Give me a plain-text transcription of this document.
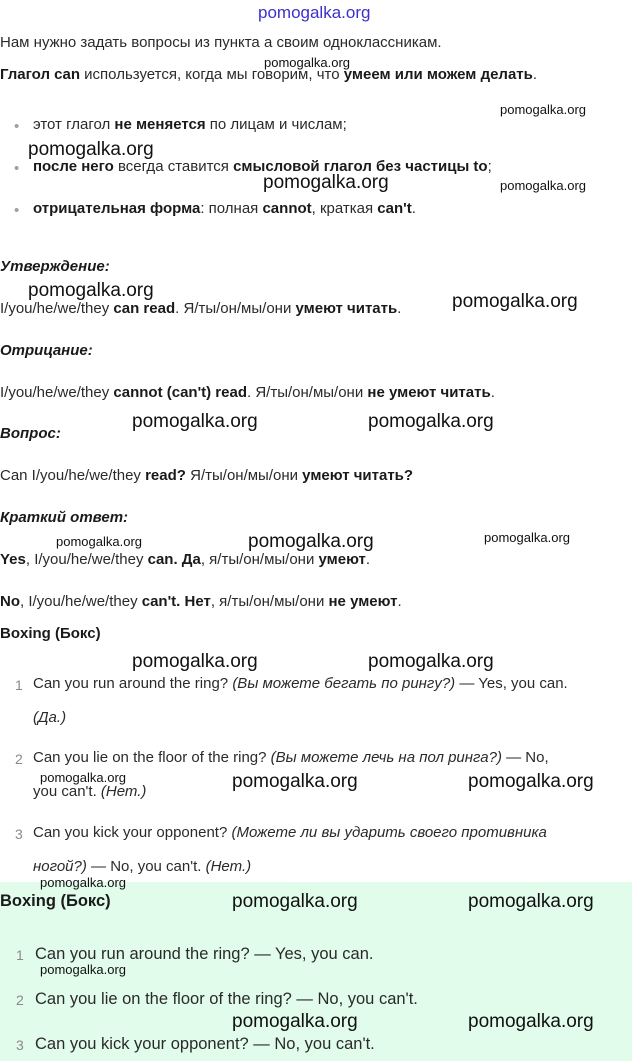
pomogalka.org
Нам нужно задать вопросы из пункта а своим одноклассникам.
Глагол can используется, когда мы говорим, что умеем или можем делать.
• этот глагол не меняется по лицам и числам;
• после него всегда ставится смысловой глагол без частицы to;
• отрицательная форма: полная cannot, краткая can't.
Утверждение:
I/you/he/we/they can read. Я/ты/он/мы/они умеют читать.
Отрицание:
I/you/he/we/they cannot (can't) read. Я/ты/он/мы/они не умеют читать.
Вопрос:
Can I/you/he/we/they read? Я/ты/он/мы/они умеют читать?
Краткий ответ:
Yes, I/you/he/we/they can. Да, я/ты/он/мы/они умеют.
No, I/you/he/we/they can't. Нет, я/ты/он/мы/они не умеют.
Boxing (Бокс)
1 Can you run around the ring? (Вы можете бегать по рингу?) — Yes, you can.
(Да.)
2 Can you lie on the floor of the ring? (Вы можете лечь на пол ринга?) — No,
you can't. (Нет.)
3 Can you kick your opponent? (Можете ли вы ударить своего противника
ногой?) — No, you can't. (Нет.)
Boxing (Бокс)
1 Can you run around the ring? — Yes, you can.
2 Can you lie on the floor of the ring? — No, you can't.
3 Can you kick your opponent? — No, you can't.
pomogalka.org
pomogalka.org
pomogalka.org
pomogalka.org	pomogalka.org
pomogalka.org
pomogalka.org
pomogalka.org	pomogalka.org
pomogalka.org	pomogalka.org	pomogalka.org
pomogalka.org	pomogalka.org
pomogalka.org	pomogalka.org	pomogalka.org
pomogalka.org
pomogalka.org	pomogalka.org
pomogalka.org
pomogalka.org	pomogalka.org
